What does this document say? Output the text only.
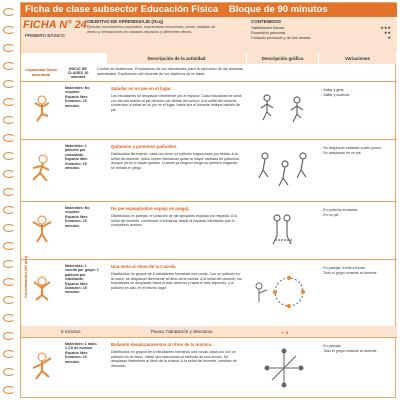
Ficha de clase subsector Educación Física Bloque de 90 minutos
FICHA N° 24
PRIMERO BÁSICO
OBJETIVO DE APRENDIZAJE (Ocq)
Ejecutar movimientos corporales, expresando emociones, ideas, estados de ánimo y sensaciones en variados espacios y diferentes ritmos.
CONTENIDOS
Habilidades físicas.	★★★
Expresión personal.	★★
Cuidado personal y de los demás.	★
Descripción de la actividad	Descripción gráfica	Variaciones
Capacidad física abordada
INICIO DE CLASES 10 minutos
Control de Asistencia. Preparación de los estudiantes para la ejecución de las diversas actividades. Explicación del docente de los objetivos de la clase.
Coordinación (40 min)
Materiales: No requiere.
Espacio libre.
Duración: 15 minutos.
Saludar en un pie en el lugar.
Los estudiantes se desplazan libremente por el espacio. Cada estudiante se toma con las dos manos el pie derecho por detrás del cuerpo. A la señal del docente, comienzan a saltar en un pie en el lugar, hasta que el docente indique cambio de pie.
- Saltar y girar.
- Saltar y avanzar.
Materiales: 1 pañuelo por estudiante.
Espacio libre.
Duración: 15 minutos.
Quitamos y ponemos pañuelos.
Distribuidos libremente, cada uno tiene un pañuelo enganchado por detrás. A la señal del docente, todos corren intentando quitar la mayor cantidad de pañuelos, aunque ya se lo hayan quitado. Cuando ya ninguno tenga su pañuelo colgando, se reinicia el juego.
- Se desplazan saltando a pies juntos.
- Se desplazan en un pie.
Materiales: No requiere.
Espacio libre.
Duración: 15 minutos.
De pie espejo(sobre espejo en juego).
Distribuidos en parejas, en posición de pie apoyados espalda con espalda. A la señal del docente, comienzan a enmarcar desde la espalda intentando que el compañero avance.
- En posición sentados.
- En un pie.
Materiales: 1 cuerda por grupo. 1 pañuelo por estudiante.
Espacio libre.
Duración: 15 minutos.
Una meta al ritmo de la Cuerda.
Distribuidos en grupos de 6 estudiantes formando una ronda. Con un pañuelo en la mano, se desplazan libremente al ritmo de la cuerda. A la señal del docente, los estudiantes se desplazan hacia el lado derecho y hacia el lado izquierdo, y el pañuelo en alto, en el mismo lugar.
- En parejas, frente a frente.
- Todo el grupo mirando al docente.
5 minutos	Pausa: hidratación y descanso.	● ♟
Materiales: 1 radio. 1 CD de música.
Espacio libre.
Duración: 10 minutos.
Bailando desplazamientos al ritmo de la música.
Distribuidos en grupos de 8 estudiantes formando una ronda, cada uno con un pañuelo en la mano. Imitan que reaccionan al estímulo de una acción. Se desplazan libremente al ritmo de la música. A la señal del docente, cambian de dirección.
- En parejas.
- Todo el grupo mirando al docente.
